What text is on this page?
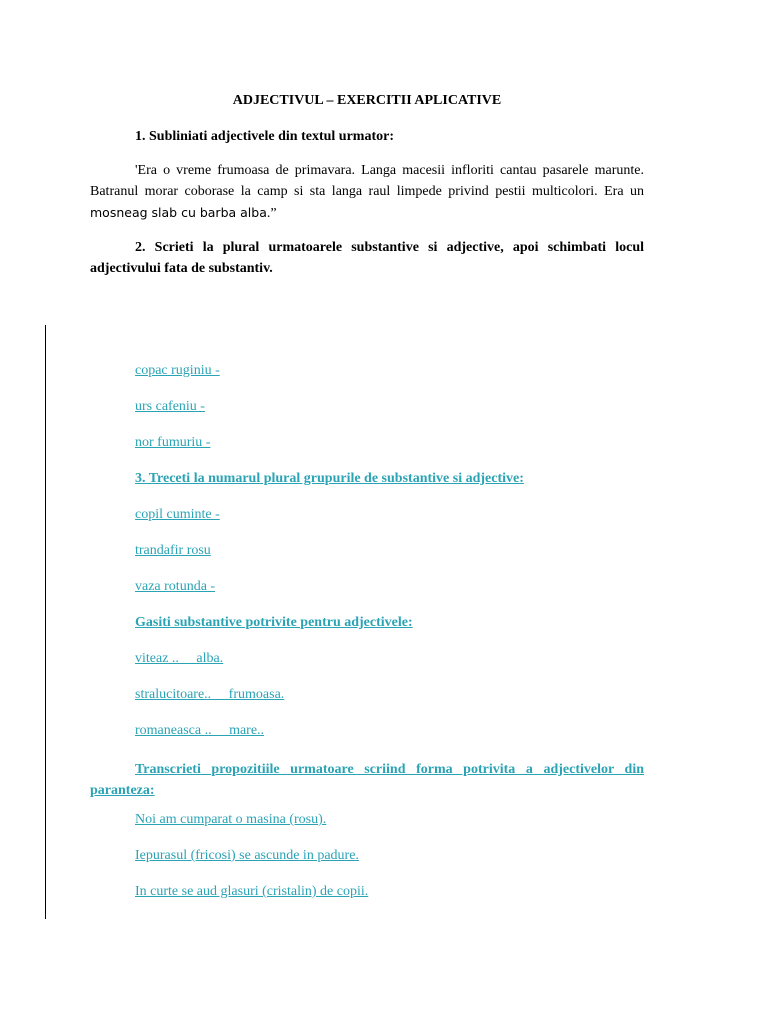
ADJECTIVUL – EXERCITII APLICATIVE
1. Subliniati adjectivele din textul urmator:
'Era o vreme frumoasa de primavara. Langa macesii infloriti cantau pasarele marunte. Batranul morar coborase la camp si sta langa raul limpede privind pestii multicolori. Era un mosneag slab cu barba alba.”
2. Scrieti la plural urmatoarele substantive si adjective, apoi schimbati locul adjectivului fata de substantiv.
copac ruginiu -
urs cafeniu -
nor fumuriu -
3. Treceti la numarul plural grupurile de substantive si adjective:
copil cuminte -
trandafir rosu
vaza rotunda -
Gasiti substantive potrivite pentru adjectivele:
viteaz ..     alba.
stralucitoare..     frumoasa.
romaneasca ..     mare..
Transcrieti propozitiile urmatoare scriind forma potrivita a adjectivelor din paranteza:
Noi am cumparat o masina (rosu).
Iepurasul (fricosi) se ascunde in padure.
In curte se aud glasuri (cristalin) de copii.
